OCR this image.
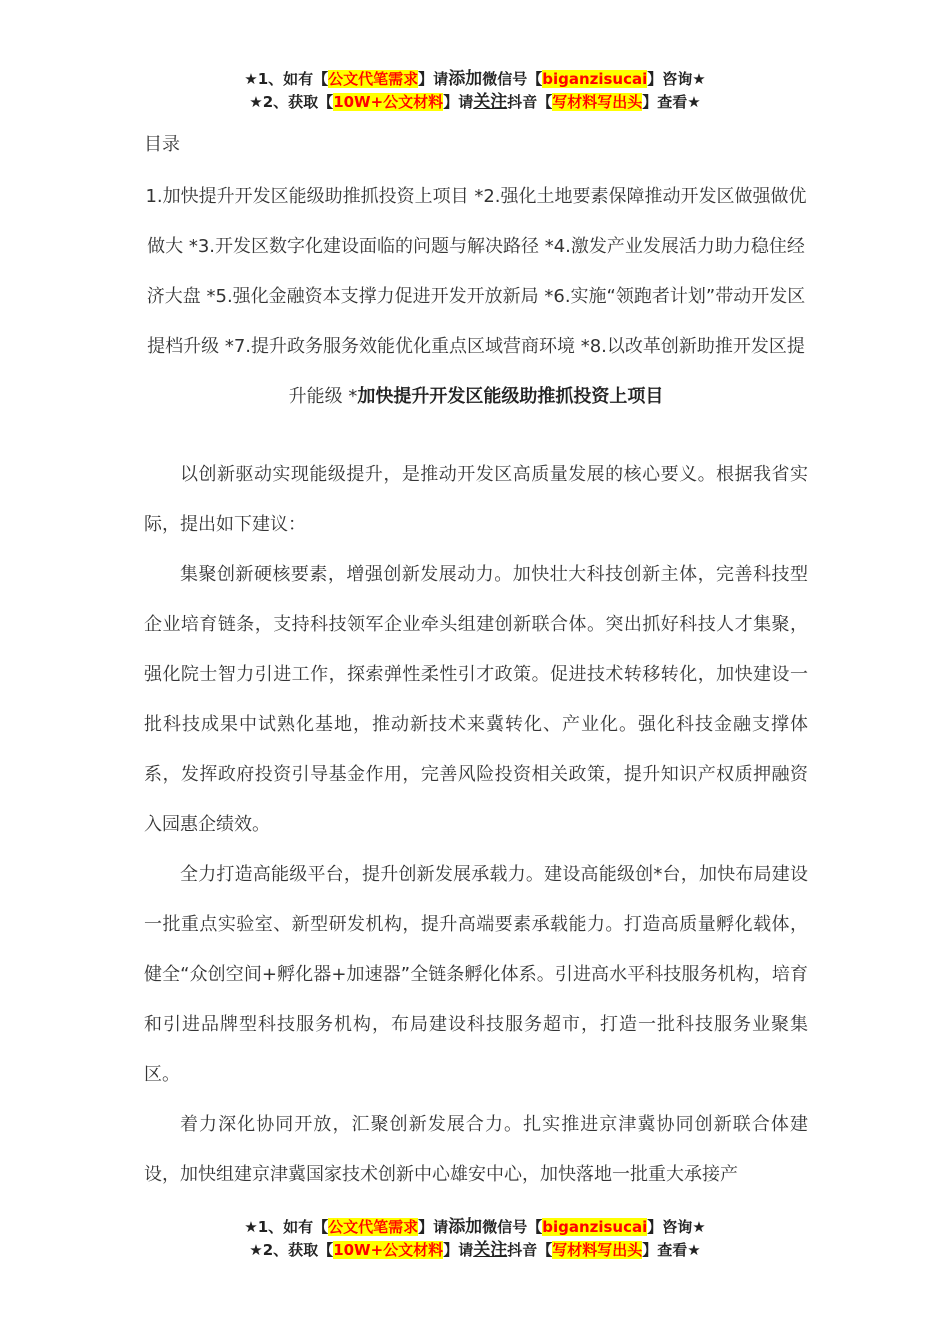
★1、如有【公文代笔需求】请添加微信号【biganzisucai】咨询★
★2、获取【10W+公文材料】请关注抖音【写材料写出头】查看★
目录
1.加快提升开发区能级助推抓投资上项目 *2.强化土地要素保障推动开发区做强做优做大 *3.开发区数字化建设面临的问题与解决路径 *4.激发产业发展活力助力稳住经济大盘 *5.强化金融资本支撑力促进开发开放新局 *6.实施“领跑者计划”带动开发区提档升级 *7.提升政务服务效能优化重点区域营商环境 *8.以改革创新助推开发区提升能级 *加快提升开发区能级助推抓投资上项目
以创新驱动实现能级提升，是推动开发区高质量发展的核心要义。根据我省实际，提出如下建议：
集聚创新硬核要素，增强创新发展动力。加快壮大科技创新主体，完善科技型企业培育链条，支持科技领军企业牵头组建创新联合体。突出抓好科技人才集聚，强化院士智力引进工作，探索弹性柔性引才政策。促进技术转移转化，加快建设一批科技成果中试熟化基地，推动新技术来冀转化、产业化。强化科技金融支撑体系，发挥政府投资引导基金作用，完善风险投资相关政策，提升知识产权质押融资入园惠企绩效。
全力打造高能级平台，提升创新发展承载力。建设高能级创*台，加快布局建设一批重点实验室、新型研发机构，提升高端要素承载能力。打造高质量孵化载体，健全“众创空间+孵化器+加速器”全链条孵化体系。引进高水平科技服务机构，培育和引进品牌型科技服务机构，布局建设科技服务超市，打造一批科技服务业聚集区。
着力深化协同开放，汇聚创新发展合力。扎实推进京津冀协同创新联合体建设，加快组建京津冀国家技术创新中心雄安中心，加快落地一批重大承接产
★1、如有【公文代笔需求】请添加微信号【biganzisucai】咨询★
★2、获取【10W+公文材料】请关注抖音【写材料写出头】查看★
